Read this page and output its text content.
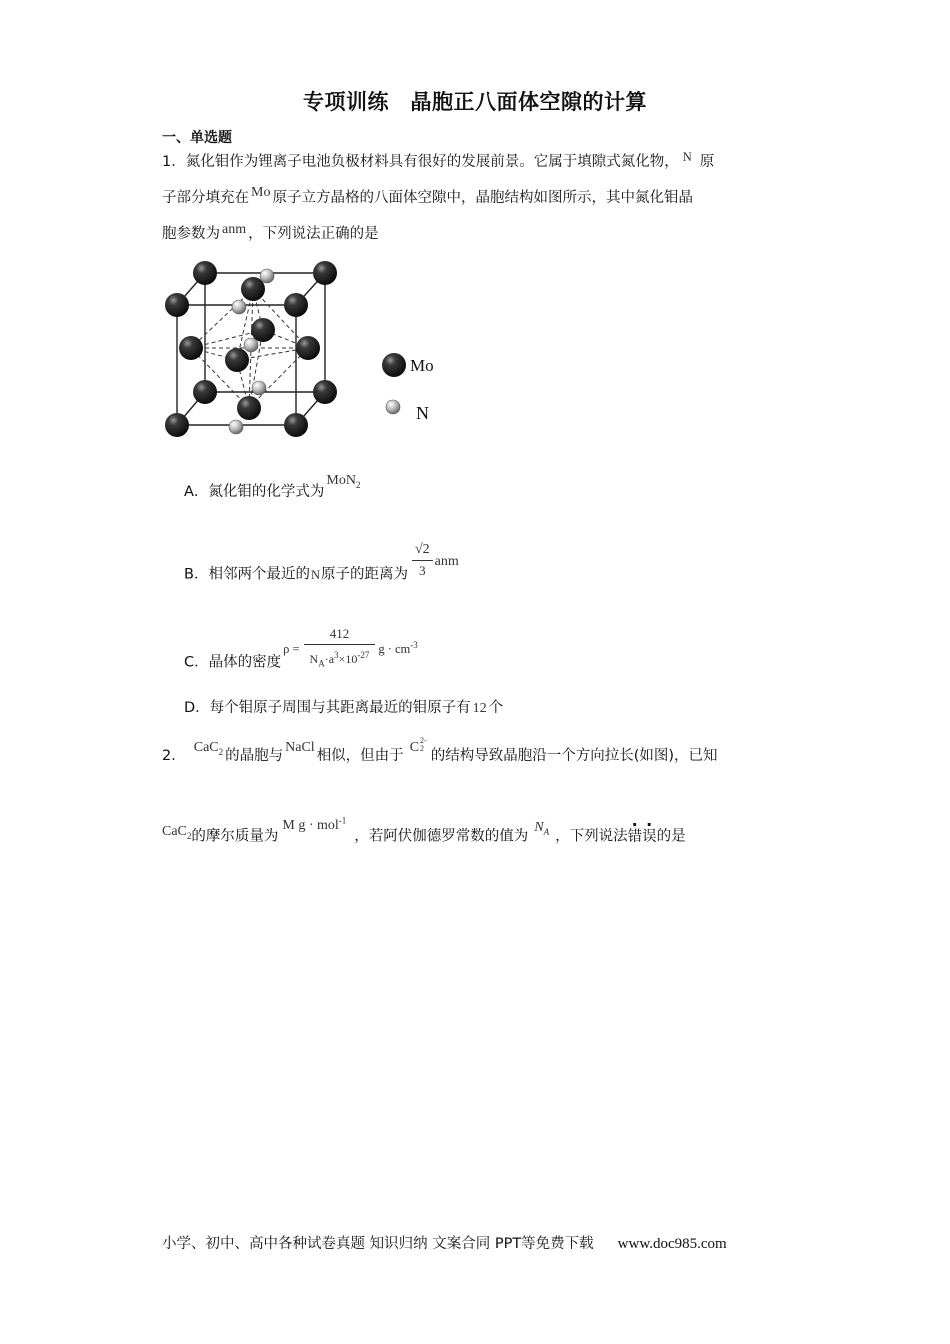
专项训练　晶胞正八面体空隙的计算
一、单选题
1．氮化钼作为锂离子电池负极材料具有很好的发展前景。它属于填隙式氮化物， N 原
子部分填充在 Mo 原子立方晶格的八面体空隙中，晶胞结构如图所示，其中氮化钼晶
胞参数为 anm ，下列说法正确的是
Mo
N
A．氮化钼的化学式为MoN$_2$
B．相邻两个最近的N原子的距离为 $\frac{√2}{3}$ anm
C．晶体的密度$\rho = \frac{412}{N_A\cdot a^3\times 10^{-27}}$ $g \cdot cm^{-3}$
D．每个钼原子周围与其距离最近的钼原子有 12 个
2．CaC$_2$ 的晶胞与NaCl相似，但由于C 2-
2 的结构导致晶胞沿一个方向拉长(如图)，已知
CaC$_2$的摩尔质量为M g · mol$^{-1}$，若阿伏伽德罗常数的值为$N_A$ ，下列说法错误的是
小学、初中、高中各种试卷真题 知识归纳 文案合同 PPT等免费下载 www.doc985.com
